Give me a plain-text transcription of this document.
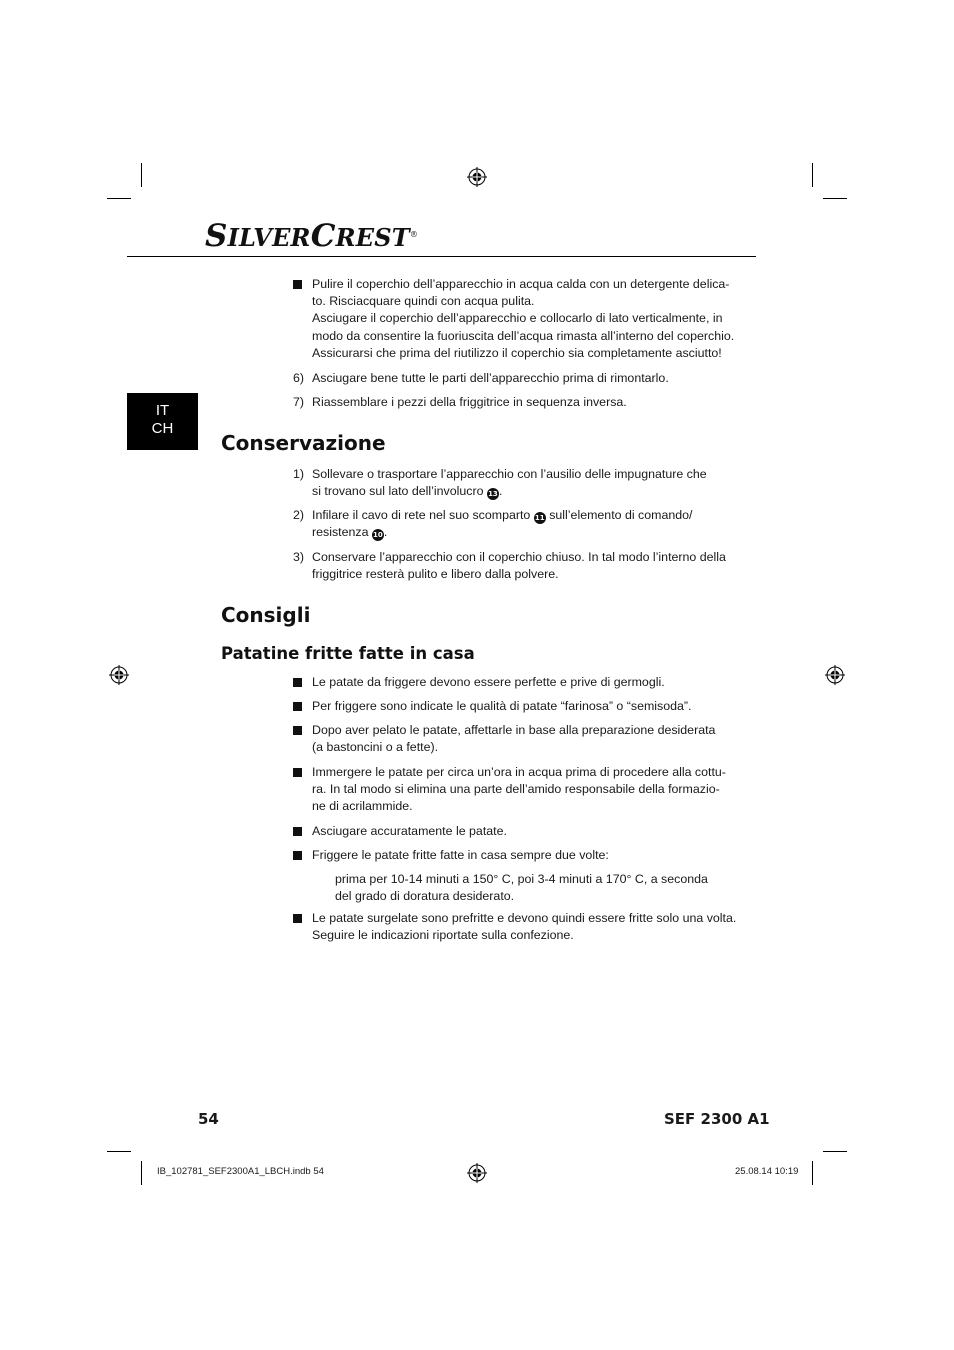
SILVERCREST®
IT
CH
Pulire il coperchio dell’apparecchio in acqua calda con un detergente delica-
to. Risciacquare quindi con acqua pulita.
Asciugare il coperchio dell’apparecchio e collocarlo di lato verticalmente, in
modo da consentire la fuoriuscita dell’acqua rimasta all’interno del coperchio.
Assicurarsi che prima del riutilizzo il coperchio sia completamente asciutto!
6) Asciugare bene tutte le parti dell’apparecchio prima di rimontarlo.
7) Riassemblare i pezzi della friggitrice in sequenza inversa.
Conservazione
1) Sollevare o trasportare l’apparecchio con l’ausilio delle impugnature che
si trovano sul lato dell’involucro 13.
2) Infilare il cavo di rete nel suo scomparto 11 sull’elemento di comando/
resistenza 10.
3) Conservare l’apparecchio con il coperchio chiuso. In tal modo l’interno della
friggitrice resterà pulito e libero dalla polvere.
Consigli
Patatine fritte fatte in casa
Le patate da friggere devono essere perfette e prive di germogli.
Per friggere sono indicate le qualità di patate “farinosa” o “semisoda”.
Dopo aver pelato le patate, affettarle in base alla preparazione desiderata
(a bastoncini o a fette).
Immergere le patate per circa un’ora in acqua prima di procedere alla cottu-
ra. In tal modo si elimina una parte dell’amido responsabile della formazio-
ne di acrilammide.
Asciugare accuratamente le patate.
Friggere le patate fritte fatte in casa sempre due volte:
prima per 10-14 minuti a 150° C, poi 3-4 minuti a 170° C, a seconda
del grado di doratura desiderato.
Le patate surgelate sono prefritte e devono quindi essere fritte solo una volta.
Seguire le indicazioni riportate sulla confezione.
54	SEF 2300 A1
IB_102781_SEF2300A1_LBCH.indb 54	25.08.14 10:19
